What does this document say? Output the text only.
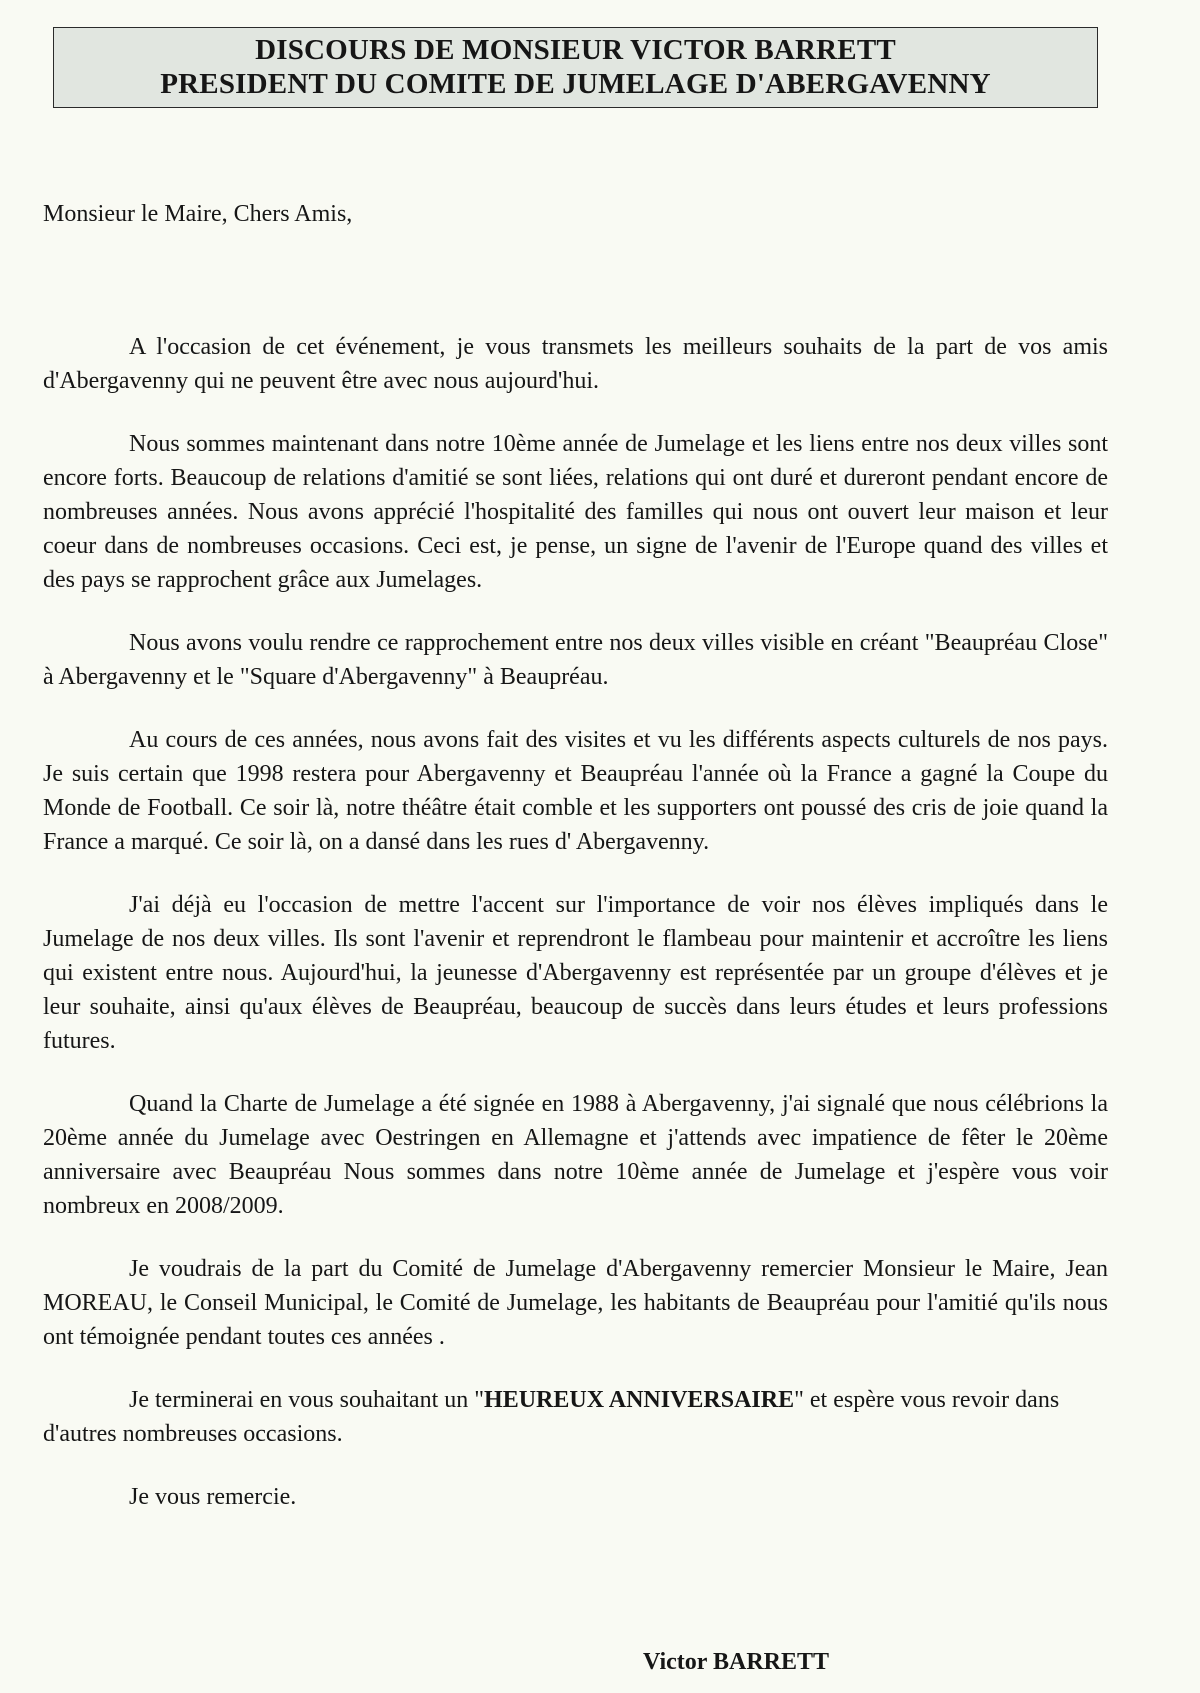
DISCOURS DE MONSIEUR VICTOR BARRETT
PRESIDENT DU COMITE DE JUMELAGE D'ABERGAVENNY
Monsieur le Maire, Chers Amis,

A l'occasion de cet événement, je vous transmets les meilleurs souhaits de la part de vos amis d'Abergavenny qui ne peuvent être avec nous aujourd'hui.

Nous sommes maintenant dans notre 10ème année de Jumelage et les liens entre nos deux villes sont encore forts. Beaucoup de relations d'amitié se sont liées, relations qui ont duré et dureront pendant encore de nombreuses années. Nous avons apprécié l'hospitalité des familles qui nous ont ouvert leur maison et leur coeur dans de nombreuses occasions. Ceci est, je pense, un signe de l'avenir de l'Europe quand des villes et des pays se rapprochent grâce aux Jumelages.

Nous avons voulu rendre ce rapprochement entre nos deux villes visible en créant "Beaupréau Close" à Abergavenny et le "Square d'Abergavenny" à Beaupréau.

Au cours de ces années, nous avons fait des visites et vu les différents aspects culturels de nos pays. Je suis certain que 1998 restera pour Abergavenny et Beaupréau l'année où la France a gagné la Coupe du Monde de Football. Ce soir là, notre théâtre était comble et les supporters ont poussé des cris de joie quand la France a marqué. Ce soir là, on a dansé dans les rues d' Abergavenny.

J'ai déjà eu l'occasion de mettre l'accent sur l'importance de voir nos élèves impliqués dans le Jumelage de nos deux villes. Ils sont l'avenir et reprendront le flambeau pour maintenir et accroître les liens qui existent entre nous. Aujourd'hui, la jeunesse d'Abergavenny est représentée par un groupe d'élèves et je leur souhaite, ainsi qu'aux élèves de Beaupréau, beaucoup de succès dans leurs études et leurs professions futures.

Quand la Charte de Jumelage a été signée en 1988 à Abergavenny, j'ai signalé que nous célébrions la 20ème année du Jumelage avec Oestringen en Allemagne et j'attends avec impatience de fêter le 20ème anniversaire avec Beaupréau Nous sommes dans notre 10ème année de Jumelage et j'espère vous voir nombreux en 2008/2009.

Je voudrais de la part du Comité de Jumelage d'Abergavenny remercier Monsieur le Maire, Jean MOREAU, le Conseil Municipal, le Comité de Jumelage, les habitants de Beaupréau pour l'amitié qu'ils nous ont témoignée pendant toutes ces années .

Je terminerai en vous souhaitant un "HEUREUX ANNIVERSAIRE" et espère vous revoir dans d'autres nombreuses occasions.

Je vous remercie.

Victor BARRETT
